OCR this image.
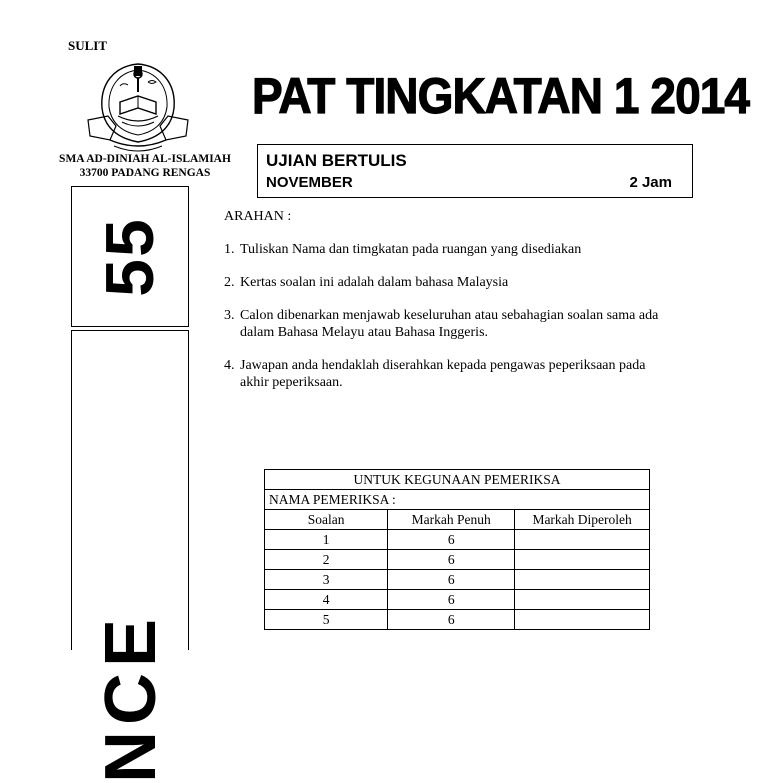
SULIT
SMA AD-DINIAH AL-ISLAMIAH
33700 PADANG RENGAS
PAT TINGKATAN 1 2014
UJIAN BERTULIS
NOVEMBER	2 Jam
55
NCE
ARAHAN :
1. Tuliskan Nama dan timgkatan pada ruangan yang disediakan
2. Kertas soalan ini adalah dalam bahasa Malaysia
3. Calon dibenarkan menjawab keseluruhan atau sebahagian soalan sama ada dalam Bahasa Melayu atau Bahasa Inggeris.
4. Jawapan anda hendaklah diserahkan kepada pengawas peperiksaan pada akhir peperiksaan.
UNTUK KEGUNAAN PEMERIKSA		
NAMA PEMERIKSA :		
Soalan	Markah Penuh	Markah Diperoleh
1	6	
2	6	
3	6	
4	6	
5	6	
